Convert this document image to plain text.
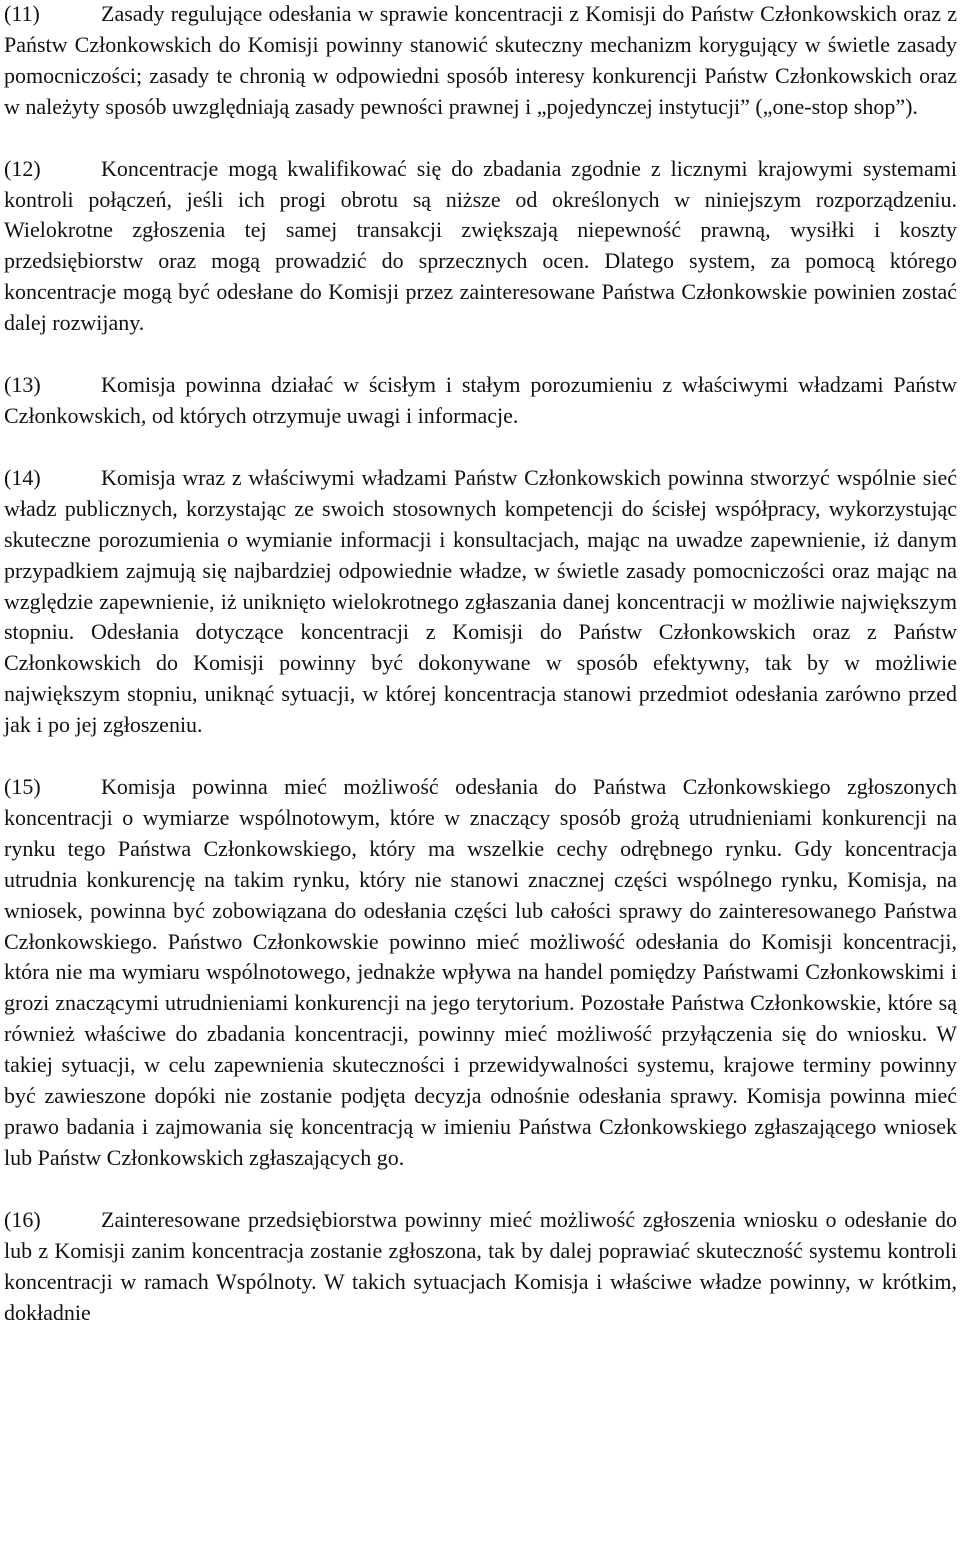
(11)	Zasady regulujące odesłania w sprawie koncentracji z Komisji do Państw Członkowskich oraz z Państw Członkowskich do Komisji powinny stanowić skuteczny mechanizm korygujący w świetle zasady pomocniczości; zasady te chronią w odpowiedni sposób interesy konkurencji Państw Członkowskich oraz w należyty sposób uwzględniają zasady pewności prawnej i „pojedynczej instytucji” („one-stop shop”).

(12)	Koncentracje mogą kwalifikować się do zbadania zgodnie z licznymi krajowymi systemami kontroli połączeń, jeśli ich progi obrotu są niższe od określonych w niniejszym rozporządzeniu. Wielokrotne zgłoszenia tej samej transakcji zwiększają niepewność prawną, wysiłki i koszty przedsiębiorstw oraz mogą prowadzić do sprzecznych ocen. Dlatego system, za pomocą którego koncentracje mogą być odesłane do Komisji przez zainteresowane Państwa Członkowskie powinien zostać dalej rozwijany.

(13)	Komisja powinna działać w ścisłym i stałym porozumieniu z właściwymi władzami Państw Członkowskich, od których otrzymuje uwagi i informacje.

(14)	Komisja wraz z właściwymi władzami Państw Członkowskich powinna stworzyć wspólnie sieć władz publicznych, korzystając ze swoich stosownych kompetencji do ścisłej współpracy, wykorzystując skuteczne porozumienia o wymianie informacji i konsultacjach, mając na uwadze zapewnienie, iż danym przypadkiem zajmują się najbardziej odpowiednie władze, w świetle zasady pomocniczości oraz mając na względzie zapewnienie, iż uniknięto wielokrotnego zgłaszania danej koncentracji w możliwie największym stopniu. Odesłania dotyczące koncentracji z Komisji do Państw Członkowskich oraz z Państw Członkowskich do Komisji powinny być dokonywane w sposób efektywny, tak by w możliwie największym stopniu, uniknąć sytuacji, w której koncentracja stanowi przedmiot odesłania zarówno przed jak i po jej zgłoszeniu.

(15)	Komisja powinna mieć możliwość odesłania do Państwa Członkowskiego zgłoszonych koncentracji o wymiarze wspólnotowym, które w znaczący sposób grożą utrudnieniami konkurencji na rynku tego Państwa Członkowskiego, który ma wszelkie cechy odrębnego rynku. Gdy koncentracja utrudnia konkurencję na takim rynku, który nie stanowi znacznej części wspólnego rynku, Komisja, na wniosek, powinna być zobowiązana do odesłania części lub całości sprawy do zainteresowanego Państwa Członkowskiego. Państwo Członkowskie powinno mieć możliwość odesłania do Komisji koncentracji, która nie ma wymiaru wspólnotowego, jednakże wpływa na handel pomiędzy Państwami Członkowskimi i grozi znaczącymi utrudnieniami konkurencji na jego terytorium. Pozostałe Państwa Członkowskie, które są również właściwe do zbadania koncentracji, powinny mieć możliwość przyłączenia się do wniosku. W takiej sytuacji, w celu zapewnienia skuteczności i przewidywalności systemu, krajowe terminy powinny być zawieszone dopóki nie zostanie podjęta decyzja odnośnie odesłania sprawy. Komisja powinna mieć prawo badania i zajmowania się koncentracją w imieniu Państwa Członkowskiego zgłaszającego wniosek lub Państw Członkowskich zgłaszających go.

(16)	Zainteresowane przedsiębiorstwa powinny mieć możliwość zgłoszenia wniosku o odesłanie do lub z Komisji zanim koncentracja zostanie zgłoszona, tak by dalej poprawiać skuteczność systemu kontroli koncentracji w ramach Wspólnoty. W takich sytuacjach Komisja i właściwe władze powinny, w krótkim, dokładnie
